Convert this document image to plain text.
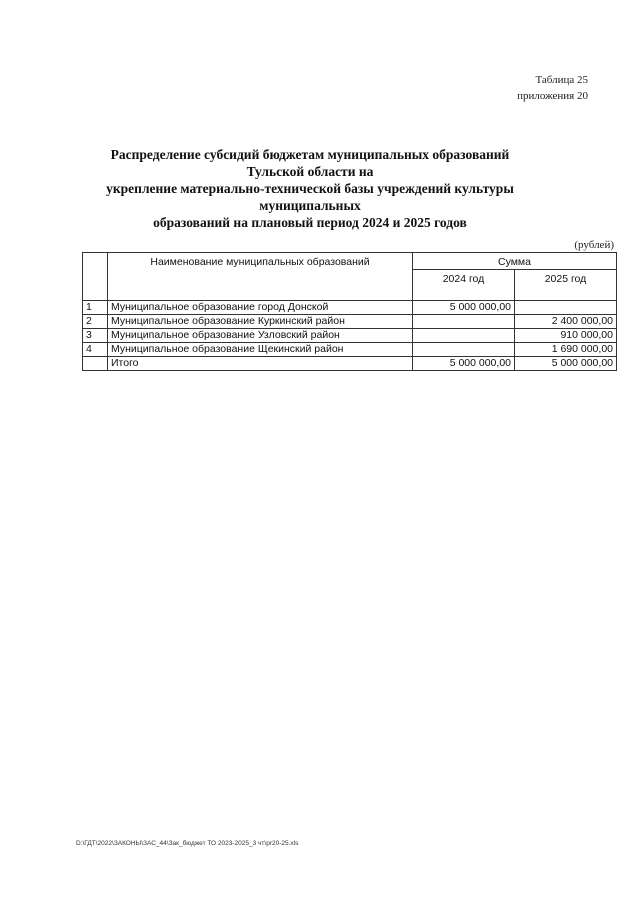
Таблица 25
приложения 20
Распределение субсидий бюджетам муниципальных образований Тульской области на
укрепление материально-технической базы учреждений культуры муниципальных
образований на плановый период 2024 и 2025 годов
(рублей)
	Наименование муниципальных образований	Сумма	
		2024 год	2025 год
1	Муниципальное образование город Донской	5 000 000,00	
2	Муниципальное образование Куркинский район		2 400 000,00
3	Муниципальное образование Узловский район		910 000,00
4	Муниципальное образование Щекинский район		1 690 000,00
	Итого	5 000 000,00	5 000 000,00
D:\ГДТ\2022\ЗАКОНЫ\ЗАС_44\Зак_бюджет ТО 2023-2025_3 чт\pr20-25.xls
